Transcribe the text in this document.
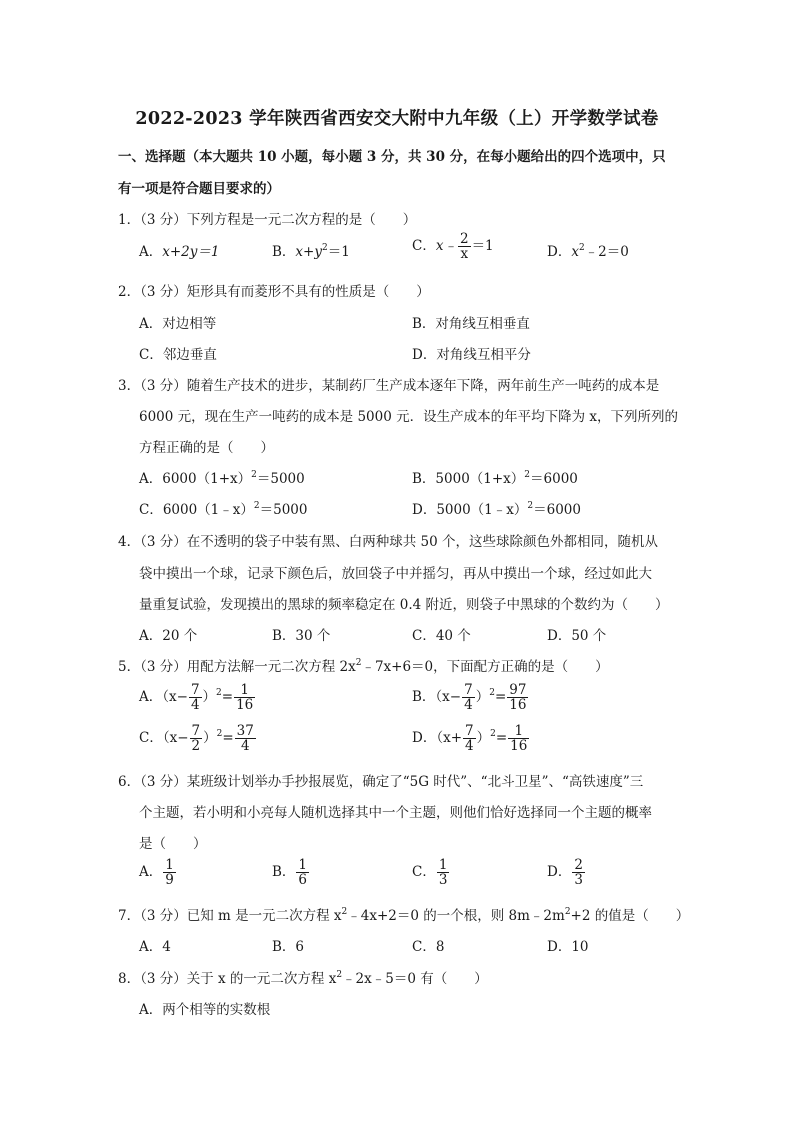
2022-2023 学年陕西省西安交大附中九年级（上）开学数学试卷
一、选择题（本大题共 10 小题，每小题 3 分，共 30 分，在每小题给出的四个选项中，只
有一项是符合题目要求的）
1．（3 分）下列方程是一元二次方程的是（　　）
A．x+2y＝1	B．$x+y^2=1$	C．x﹣ $\frac{2}{x} =1$	D．$x^2﹣2=0$
2．（3 分）矩形具有而菱形不具有的性质是（　　）
A．对边相等	B．对角线互相垂直
C．邻边垂直	D．对角线互相平分
3．（3 分）随着生产技术的进步，某制药厂生产成本逐年下降，两年前生产一吨药的成本是
6000 元，现在生产一吨药的成本是 5000 元．设生产成本的年平均下降为 x，下列所列的
方程正确的是（　　）
A．$6000(1+x)^2=5000$	B．$5000(1+x)^2=6000$
C．6000（1﹣x）$^2$＝5000	D．5000（1﹣x）$^2$＝6000
4．（3 分）在不透明的袋子中装有黑、白两种球共 50 个，这些球除颜色外都相同，随机从
袋中摸出一个球，记录下颜色后，放回袋子中并摇匀，再从中摸出一个球，经过如此大
量重复试验，发现摸出的黑球的频率稳定在 0.4 附近，则袋子中黑球的个数约为（　　）
A．20 个	B．30 个	C．40 个	D．50 个
5．（3 分）用配方法解一元二次方程 $2x^2﹣7x+6=0$，下面配方正确的是（　　）
A．$(x- \frac{7}{4} )^2= \frac{1}{16}$	B．$(x- \frac{7}{4} )^2= \frac{97}{16}$
C．$(x- \frac{7}{2} )^2= \frac{37}{4}$	D．$(x+ \frac{7}{4} )^2= \frac{1}{16}$
6．（3 分）某班级计划举办手抄报展览，确定了“5G 时代”、“北斗卫星”、“高铁速度”三
个主题，若小明和小亮每人随机选择其中一个主题，则他们恰好选择同一个主题的概率
是（　　）
A． $\frac{1}{9}$	B． $\frac{1}{6}$	C． $\frac{1}{3}$	D． $\frac{2}{3}$
7．（3 分）已知 m 是一元二次方程 $x^2﹣4x+2=0$ 的一个根，则 $8m﹣2m^2+2$ 的值是（　　）
A．4	B．6	C．8	D．10
8．（3 分）关于 x 的一元二次方程 $x^2﹣2x﹣5=0$ 有（　　）
A．两个相等的实数根
